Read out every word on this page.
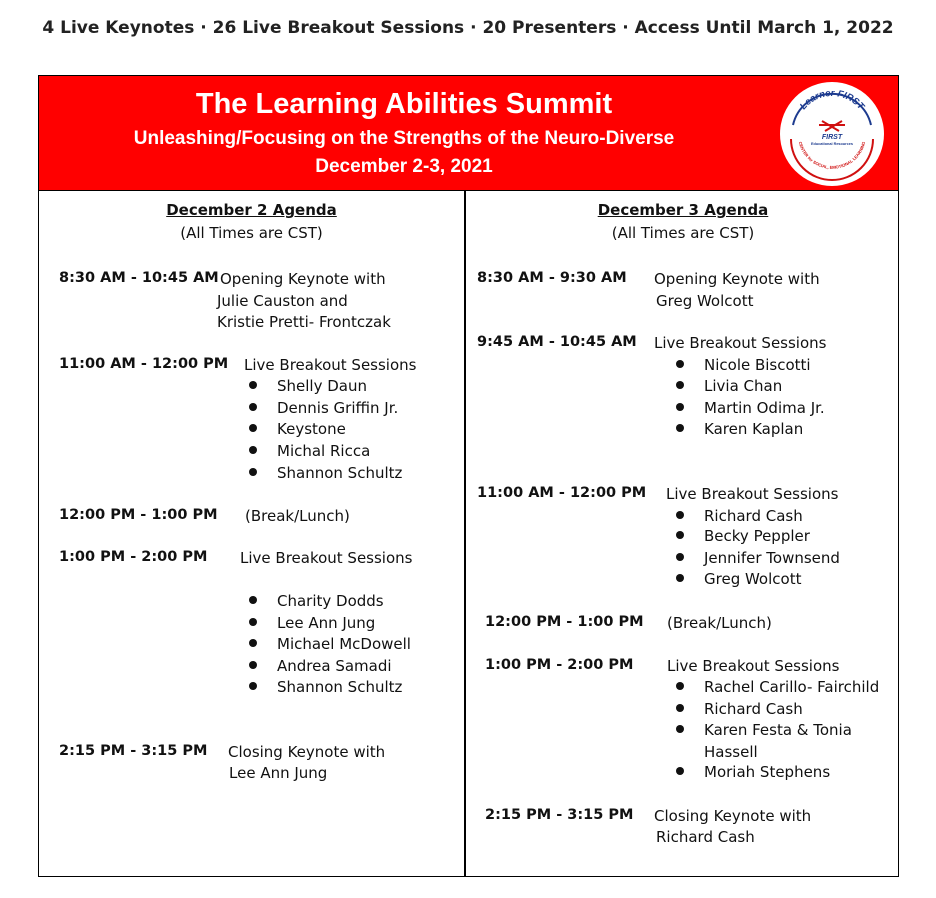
4 Live Keynotes · 26 Live Breakout Sessions · 20 Presenters · Access Until March 1, 2022
The Learning Abilities Summit
Unleashing/Focusing on the Strengths of the Neuro-Diverse
December 2-3, 2021
Learner FIRST
FIRST
Educational Resources
CENTER for SOCIAL, EMOTIONAL LEARNING
December 2 Agenda
(All Times are CST)
8:30 AM - 10:45 AM Opening Keynote with
Julie Causton and
Kristie Pretti- Frontczak
11:00 AM - 12:00 PM Live Breakout Sessions
Shelly Daun
Dennis Griffin Jr.
Keystone
Michal Ricca
Shannon Schultz
12:00 PM - 1:00 PM (Break/Lunch)
1:00 PM - 2:00 PM Live Breakout Sessions
Charity Dodds
Lee Ann Jung
Michael McDowell
Andrea Samadi
Shannon Schultz
2:15 PM - 3:15 PM Closing Keynote with
Lee Ann Jung
December 3 Agenda
(All Times are CST)
8:30 AM - 9:30 AM Opening Keynote with
Greg Wolcott
9:45 AM - 10:45 AM Live Breakout Sessions
Nicole Biscotti
Livia Chan
Martin Odima Jr.
Karen Kaplan
11:00 AM - 12:00 PM Live Breakout Sessions
Richard Cash
Becky Peppler
Jennifer Townsend
Greg Wolcott
12:00 PM - 1:00 PM (Break/Lunch)
1:00 PM - 2:00 PM Live Breakout Sessions
Rachel Carillo- Fairchild
Richard Cash
Karen Festa & Tonia
Hassell
Moriah Stephens
2:15 PM - 3:15 PM Closing Keynote with
Richard Cash
